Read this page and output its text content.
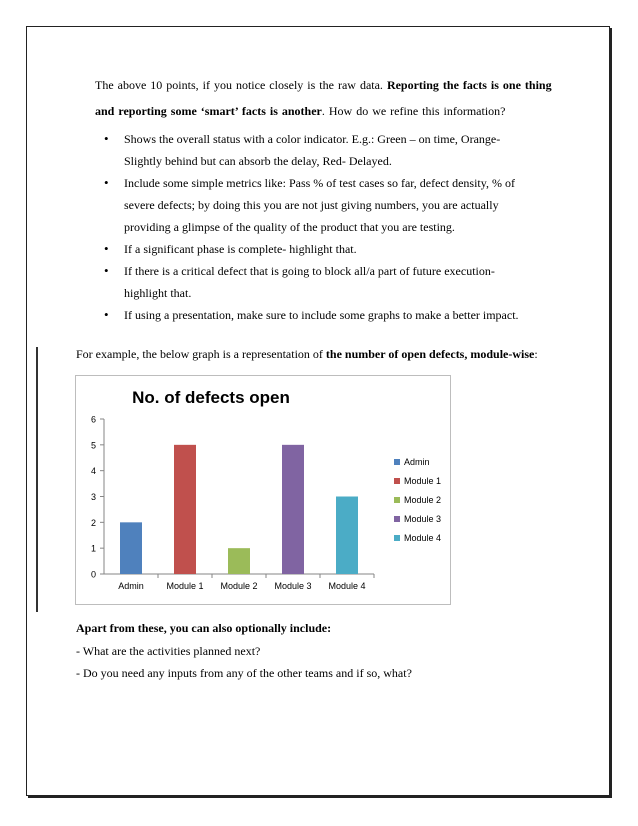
The above 10 points, if you notice closely is the raw data. Reporting the facts is one thing and reporting some ‘smart’ facts is another. How do we refine this information?
• Shows the overall status with a color indicator. E.g.: Green – on time, Orange- Slightly behind but can absorb the delay, Red- Delayed.
• Include some simple metrics like: Pass % of test cases so far, defect density, % of severe defects; by doing this you are not just giving numbers, you are actually providing a glimpse of the quality of the product that you are testing.
• If a significant phase is complete- highlight that.
• If there is a critical defect that is going to block all/a part of future execution- highlight that.
• If using a presentation, make sure to include some graphs to make a better impact.
For example, the below graph is a representation of the number of open defects, module-wise:
No. of defects open
0
1
2
3
4
5
6
Admin	Module 1 Module 2 Module 3 Module 4
Admin
Module 1
Module 2
Module 3
Module 4
Apart from these, you can also optionally include:
- What are the activities planned next?
- Do you need any inputs from any of the other teams and if so, what?
